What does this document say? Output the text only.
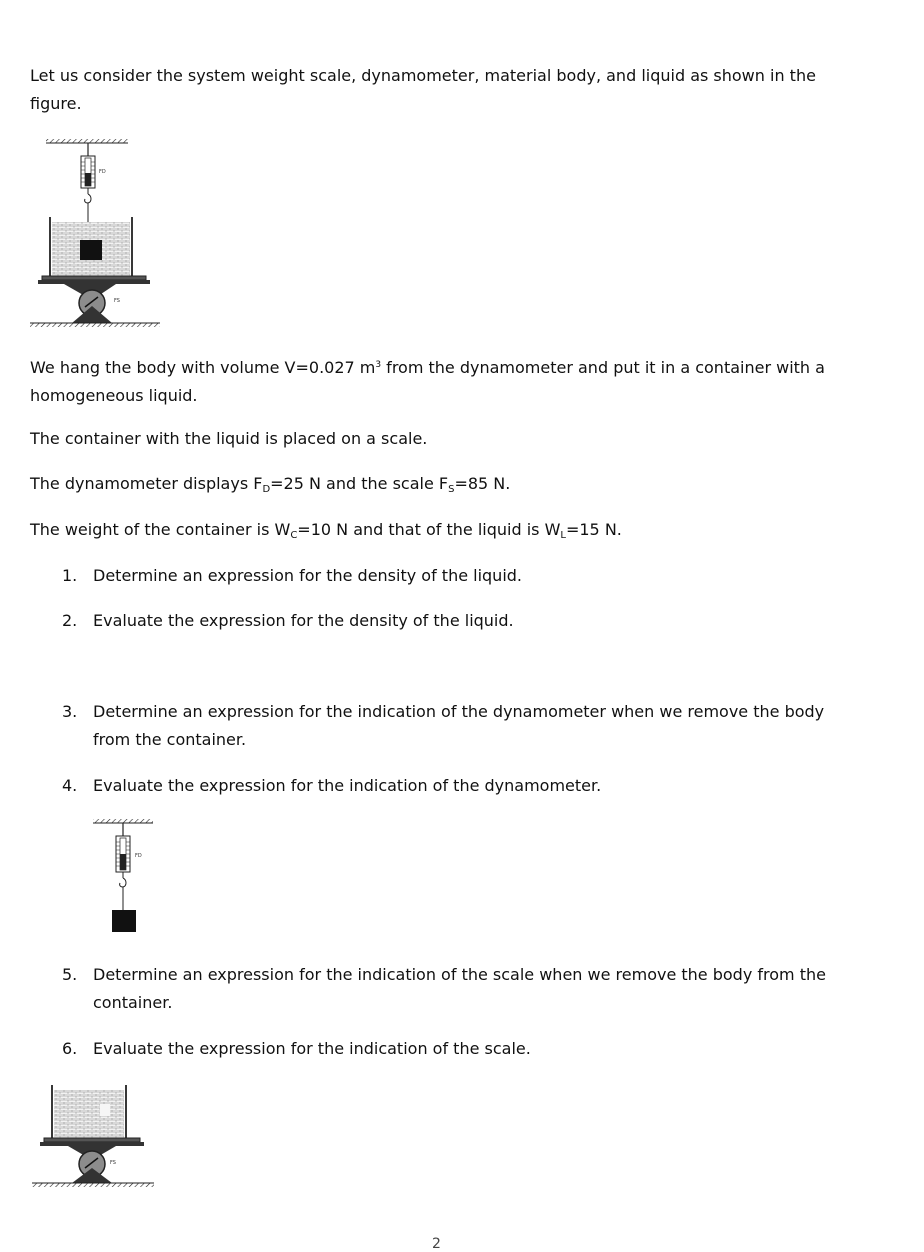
Let us consider the system weight scale, dynamometer, material body, and liquid as shown in the figure.
FD
FS
We hang the body with volume V=0.027 $m^3$ from the dynamometer and put it in a container with a homogeneous liquid.
The container with the liquid is placed on a scale.
The dynamometer displays $F_D=25$ N and the scale $F_S=85$ N.
The weight of the container is $W_C=10$ N and that of the liquid is $W_L=15$ N.
1. Determine an expression for the density of the liquid.
2. Evaluate the expression for the density of the liquid.
3. Determine an expression for the indication of the dynamometer when we remove the body from the container.
4. Evaluate the expression for the indication of the dynamometer.
FD
5. Determine an expression for the indication of the scale when we remove the body from the container.
6. Evaluate the expression for the indication of the scale.
FS
2
